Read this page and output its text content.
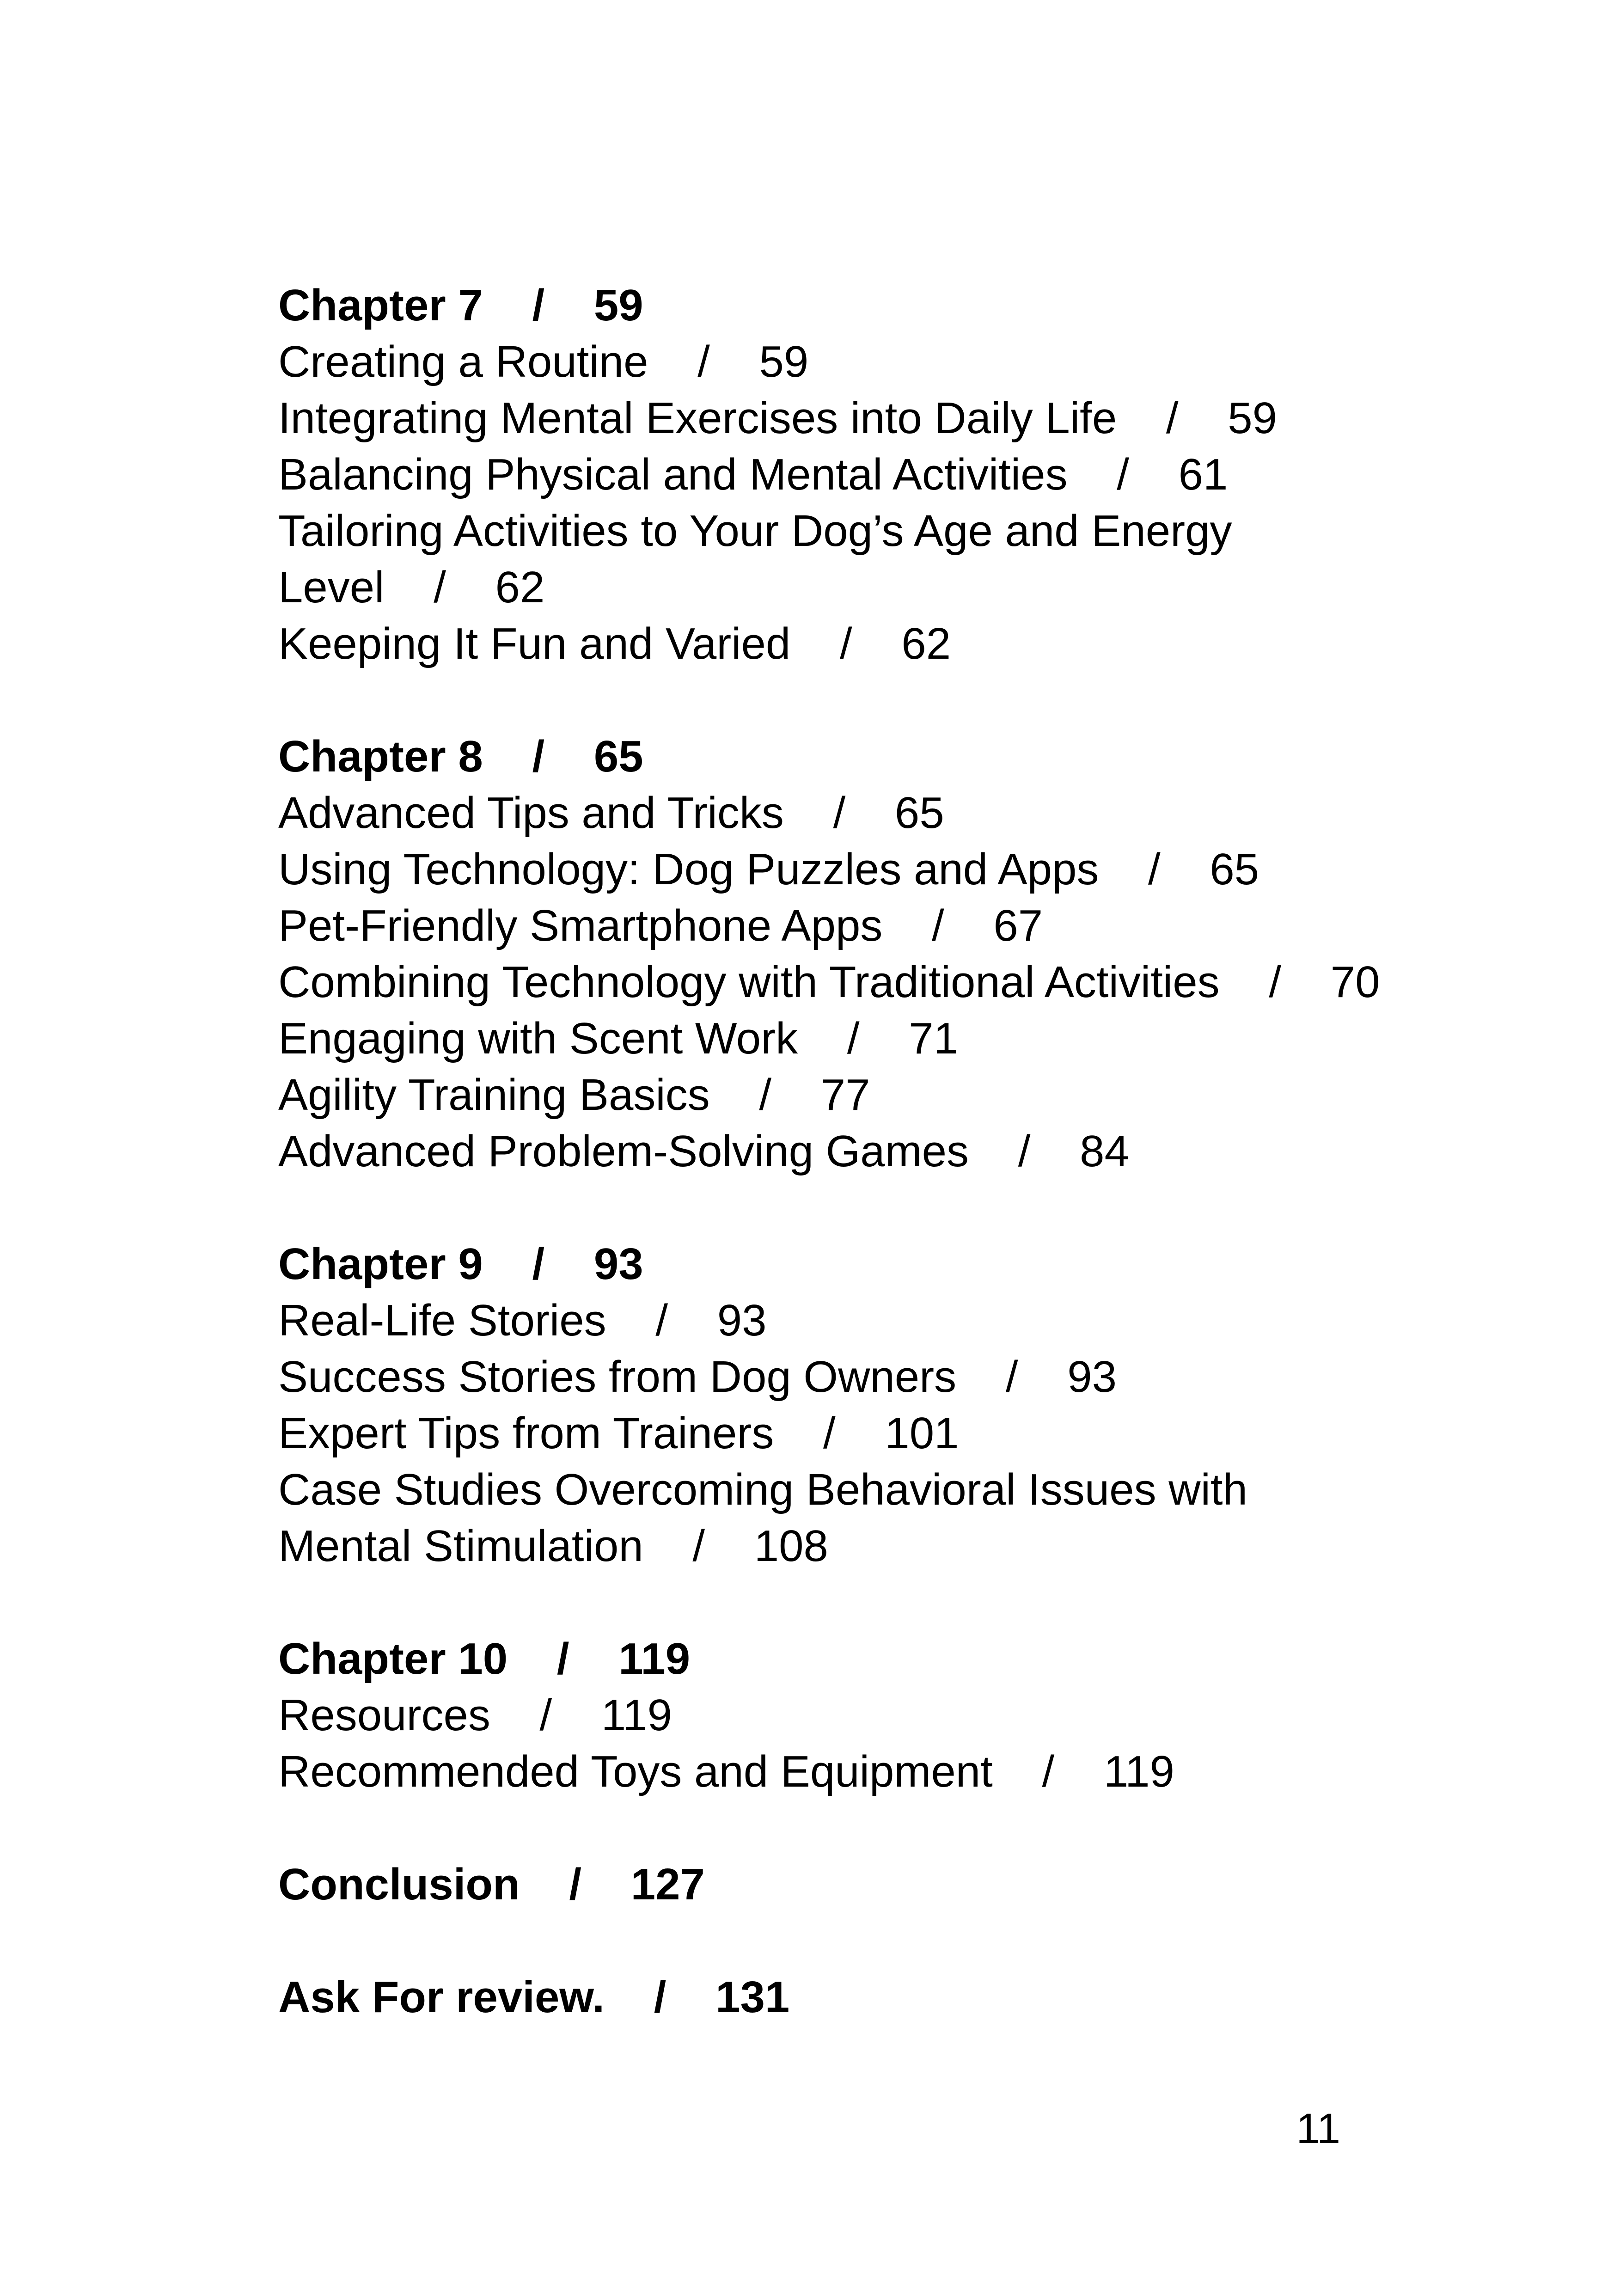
Chapter 7    /    59
Creating a Routine    /    59
Integrating Mental Exercises into Daily Life    /    59
Balancing Physical and Mental Activities    /    61
Tailoring Activities to Your Dog’s Age and Energy
Level    /    62
Keeping It Fun and Varied    /    62
Chapter 8    /    65
Advanced Tips and Tricks    /    65
Using Technology: Dog Puzzles and Apps    /    65
Pet-Friendly Smartphone Apps    /    67
Combining Technology with Traditional Activities    /    70
Engaging with Scent Work    /    71
Agility Training Basics    /    77
Advanced Problem-Solving Games    /    84
Chapter 9    /    93
Real-Life Stories    /    93
Success Stories from Dog Owners    /    93
Expert Tips from Trainers    /    101
Case Studies Overcoming Behavioral Issues with
Mental Stimulation    /    108
Chapter 10    /    119
Resources    /    119
Recommended Toys and Equipment    /    119
Conclusion    /    127
Ask For review.    /    131
11
